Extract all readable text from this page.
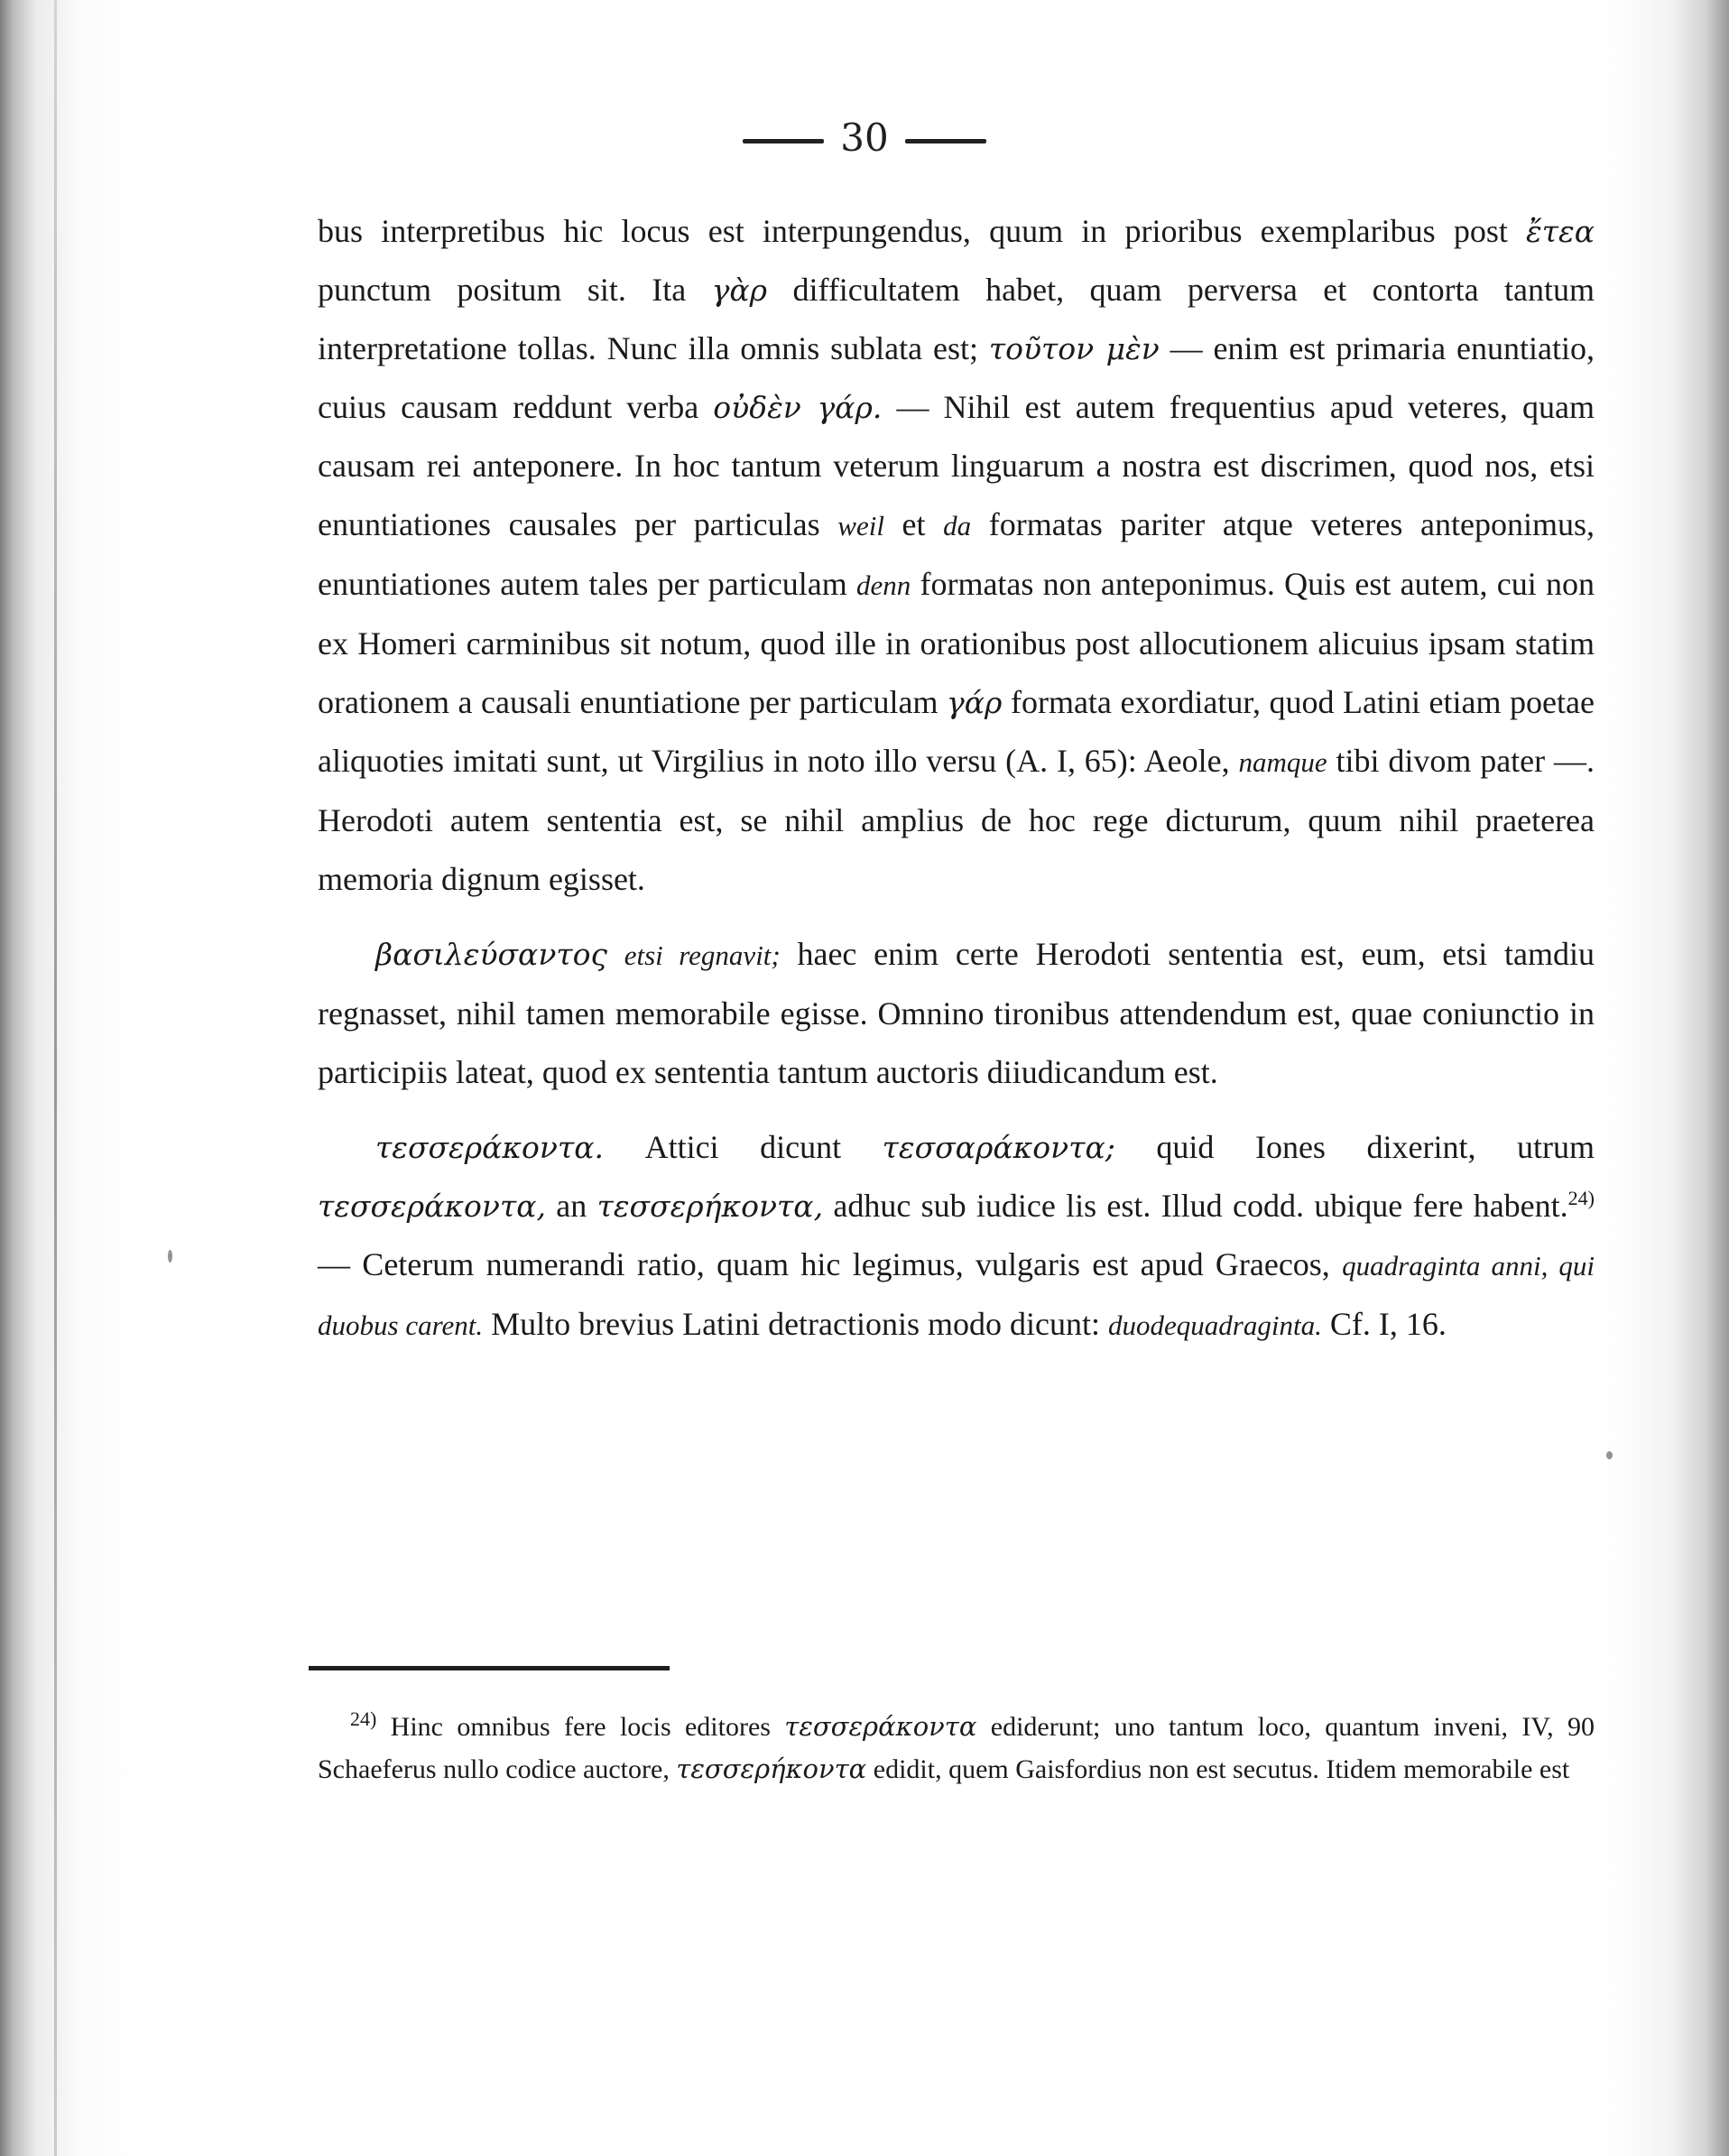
30

bus interpretibus hic locus est interpungendus, quum in prioribus exemplaribus post ἔτεα punctum positum sit. Ita γὰρ difficultatem habet, quam perversa et contorta tantum interpretatione tollas. Nunc illa omnis sublata est; τοῦτον μὲν — enim est primaria enuntiatio, cuius causam reddunt verba οὐδὲν γάρ. — Nihil est autem frequentius apud veteres, quam causam rei anteponere. In hoc tantum veterum linguarum a nostra est discrimen, quod nos, etsi enuntiationes causales per particulas weil et da formatas pariter atque veteres anteponimus, enuntiationes autem tales per particulam denn formatas non anteponimus. Quis est autem, cui non ex Homeri carminibus sit notum, quod ille in orationibus post allocutionem alicuius ipsam statim orationem a causali enuntiatione per particulam γάρ formata exordiatur, quod Latini etiam poetae aliquoties imitati sunt, ut Virgilius in noto illo versu (A. I, 65): Aeole, namque tibi divom pater —. Herodoti autem sententia est, se nihil amplius de hoc rege dicturum, quum nihil praeterea memoria dignum egisset.

βασιλεύσαντος etsi regnavit; haec enim certe Herodoti sententia est, eum, etsi tamdiu regnasset, nihil tamen memorabile egisse. Omnino tironibus attendendum est, quae coniunctio in participiis lateat, quod ex sententia tantum auctoris diiudicandum est.

τεσσεράκοντα. Attici dicunt τεσσαράκοντα; quid Iones dixerint, utrum τεσσεράκοντα, an τεσσερήκοντα, adhuc sub iudice lis est. Illud codd. ubique fere habent.$^{24)}$ — Ceterum numerandi ratio, quam hic legimus, vulgaris est apud Graecos, quadraginta anni, qui duobus carent. Multo brevius Latini detractionis modo dicunt: duodequadraginta. Cf. I, 16.

$^{24)}$ Hinc omnibus fere locis editores τεσσεράκοντα ediderunt; uno tantum loco, quantum inveni, IV, 90 Schaeferus nullo codice auctore, τεσσερήκοντα edidit, quem Gaisfordius non est secutus. Itidem memorabile est
